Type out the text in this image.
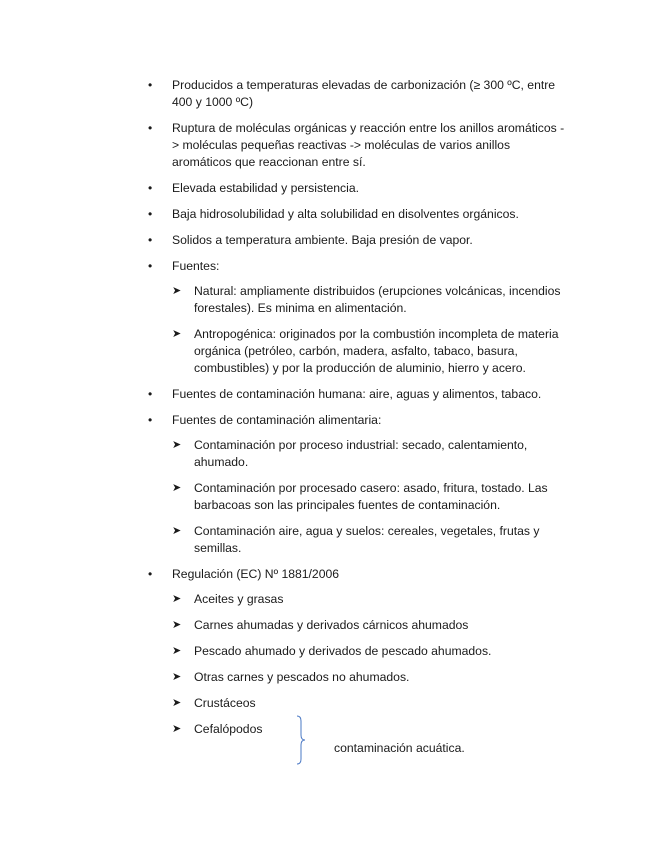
• Producidos a temperaturas elevadas de carbonización (≥ 300 ºC, entre 400 y 1000 ºC)
• Ruptura de moléculas orgánicas y reacción entre los anillos aromáticos -> moléculas pequeñas reactivas -> moléculas de varios anillos aromáticos que reaccionan entre sí.
• Elevada estabilidad y persistencia.
• Baja hidrosolubilidad y alta solubilidad en disolventes orgánicos.
• Solidos a temperatura ambiente. Baja presión de vapor.
• Fuentes:
➤ Natural: ampliamente distribuidos (erupciones volcánicas, incendios forestales). Es minima en alimentación.
➤ Antropogénica: originados por la combustión incompleta de materia orgánica (petróleo, carbón, madera, asfalto, tabaco, basura, combustibles) y por la producción de aluminio, hierro y acero.
• Fuentes de contaminación humana: aire, aguas y alimentos, tabaco.
• Fuentes de contaminación alimentaria:
➤ Contaminación por proceso industrial: secado, calentamiento, ahumado.
➤ Contaminación por procesado casero: asado, fritura, tostado. Las barbacoas son las principales fuentes de contaminación.
➤ Contaminación aire, agua y suelos: cereales, vegetales, frutas y semillas.
• Regulación (EC) Nº 1881/2006
➤ Aceites y grasas
➤ Carnes ahumadas y derivados cárnicos ahumados
➤ Pescado ahumado y derivados de pescado ahumados.
➤ Otras carnes y pescados no ahumados.
➤ Crustáceos
➤ Cefalópodos
contaminación acuática.
